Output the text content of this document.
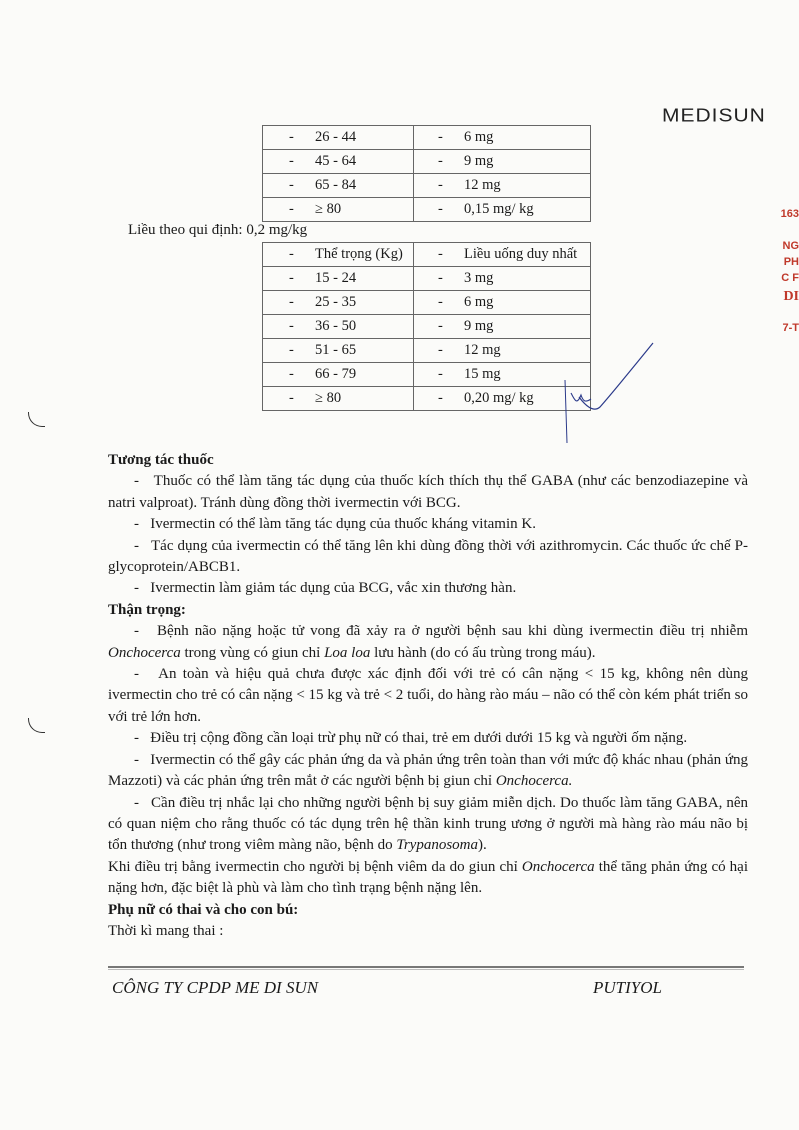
MEDISUN
- 26 - 44	- 6 mg
- 45 - 64	- 9 mg
- 65 - 84	- 12 mg
- ≥ 80	- 0,15 mg/ kg
Liều theo qui định: 0,2 mg/kg
- Thể trọng (Kg)	- Liều uống duy nhất
- 15 - 24	- 3 mg
- 25 - 35	- 6 mg
- 36 - 50	- 9 mg
- 51 - 65	- 12 mg
- 66 - 79	- 15 mg
- ≥ 80	- 0,20 mg/ kg

Tương tác thuốc

- Thuốc có thể làm tăng tác dụng của thuốc kích thích thụ thể GABA (như các benzodiazepine và natri valproat). Tránh dùng đồng thời ivermectin với BCG.

- Ivermectin có thể làm tăng tác dụng của thuốc kháng vitamin K.

- Tác dụng của ivermectin có thể tăng lên khi dùng đồng thời với azithromycin. Các thuốc ức chế P-glycoprotein/ABCB1.

- Ivermectin làm giảm tác dụng của BCG, vắc xin thương hàn.

Thận trọng:

- Bệnh não nặng hoặc tử vong đã xảy ra ở người bệnh sau khi dùng ivermectin điều trị nhiễm Onchocerca trong vùng có giun chỉ Loa loa lưu hành (do có ấu trùng trong máu).

- An toàn và hiệu quả chưa được xác định đối với trẻ có cân nặng < 15 kg, không nên dùng ivermectin cho trẻ có cân nặng < 15 kg và trẻ < 2 tuổi, do hàng rào máu – não có thể còn kém phát triển so với trẻ lớn hơn.

- Điều trị cộng đồng cần loại trừ phụ nữ có thai, trẻ em dưới dưới 15 kg và người ốm nặng.

- Ivermectin có thể gây các phản ứng da và phản ứng trên toàn than với mức độ khác nhau (phản ứng Mazzoti) và các phản ứng trên mắt ở các người bệnh bị giun chỉ Onchocerca.

- Cần điều trị nhắc lại cho những người bệnh bị suy giảm miễn dịch. Do thuốc làm tăng GABA, nên có quan niệm cho rằng thuốc có tác dụng trên hệ thần kinh trung ương ở người mà hàng rào máu não bị tổn thương (như trong viêm màng não, bệnh do Trypanosoma).

Khi điều trị bằng ivermectin cho người bị bệnh viêm da do giun chỉ Onchocerca thể tăng phản ứng có hại nặng hơn, đặc biệt là phù và làm cho tình trạng bệnh nặng lên.

Phụ nữ có thai và cho con bú:

Thời kì mang thai :

CÔNG TY CPDP ME DI SUN	PUTIYOL
163
NG
PH
C F
DI
7-T
